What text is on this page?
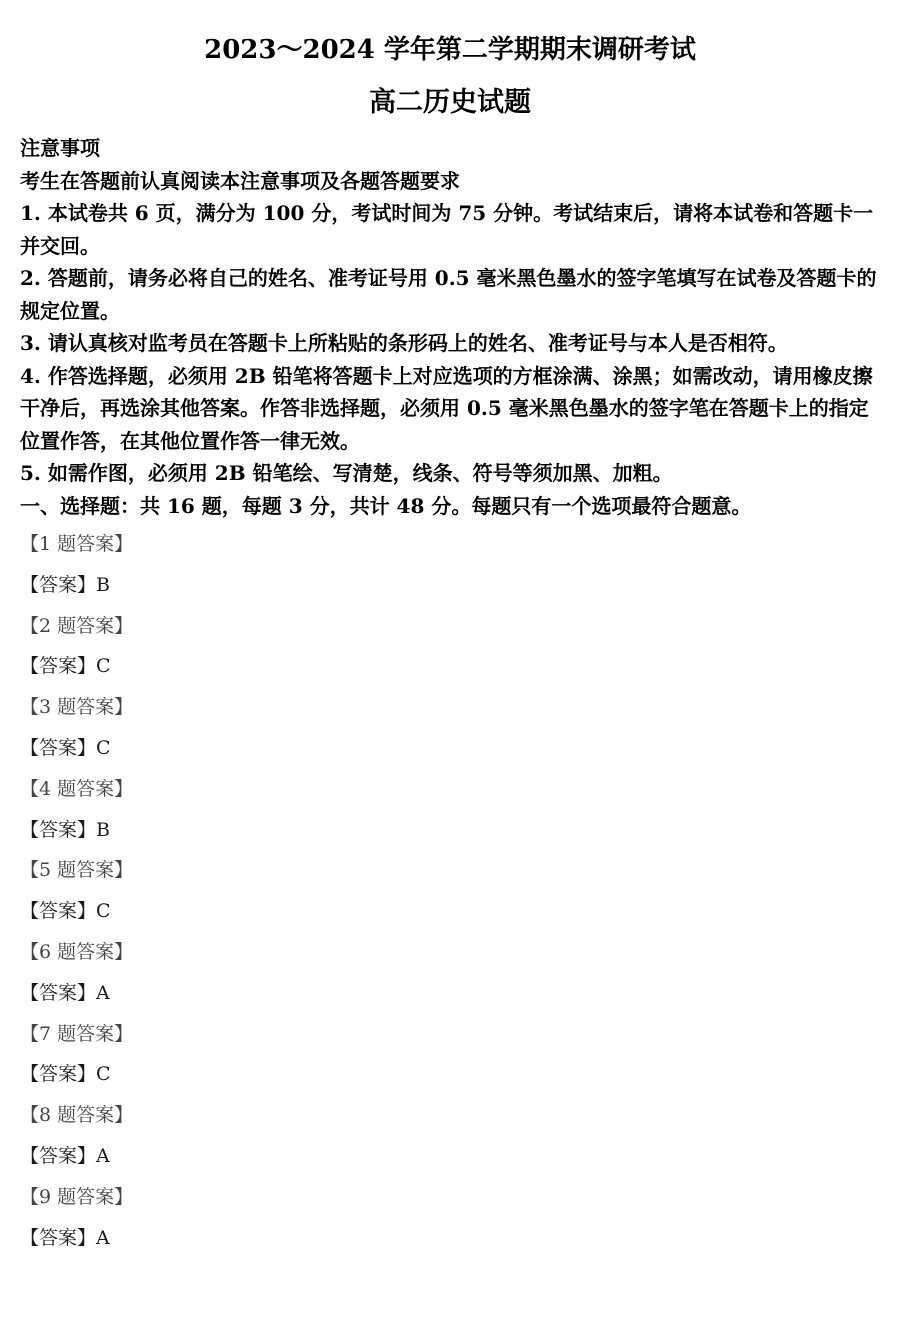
2023～2024 学年第二学期期末调研考试
高二历史试题

注意事项

考生在答题前认真阅读本注意事项及各题答题要求

1. 本试卷共 6 页，满分为 100 分，考试时间为 75 分钟。考试结束后，请将本试卷和答题卡一并交回。

2. 答题前，请务必将自己的姓名、准考证号用 0.5 毫米黑色墨水的签字笔填写在试卷及答题卡的规定位置。

3. 请认真核对监考员在答题卡上所粘贴的条形码上的姓名、准考证号与本人是否相符。

4. 作答选择题，必须用 2B 铅笔将答题卡上对应选项的方框涂满、涂黑；如需改动，请用橡皮擦干净后，再选涂其他答案。作答非选择题，必须用 0.5 毫米黑色墨水的签字笔在答题卡上的指定位置作答，在其他位置作答一律无效。

5. 如需作图，必须用 2B 铅笔绘、写清楚，线条、符号等须加黑、加粗。

一、选择题：共 16 题，每题 3 分，共计 48 分。每题只有一个选项最符合题意。

【1 题答案】
【答案】B
【2 题答案】
【答案】C
【3 题答案】
【答案】C
【4 题答案】
【答案】B
【5 题答案】
【答案】C
【6 题答案】
【答案】A
【7 题答案】
【答案】C
【8 题答案】
【答案】A
【9 题答案】
【答案】A
